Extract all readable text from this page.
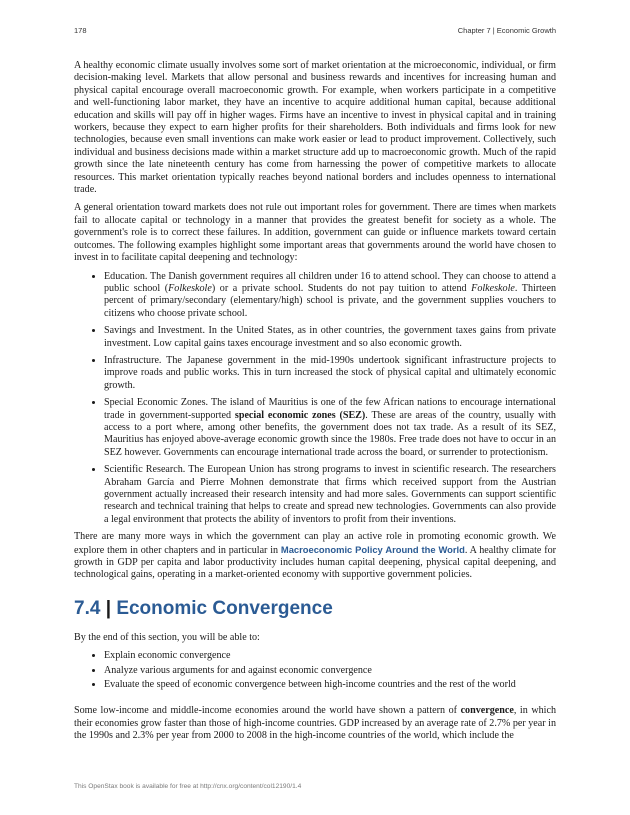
178	Chapter 7 | Economic Growth

A healthy economic climate usually involves some sort of market orientation at the microeconomic, individual, or firm decision-making level. Markets that allow personal and business rewards and incentives for increasing human and physical capital encourage overall macroeconomic growth. For example, when workers participate in a competitive and well-functioning labor market, they have an incentive to acquire additional human capital, because additional education and skills will pay off in higher wages. Firms have an incentive to invest in physical capital and in training workers, because they expect to earn higher profits for their shareholders. Both individuals and firms look for new technologies, because even small inventions can make work easier or lead to product improvement. Collectively, such individual and business decisions made within a market structure add up to macroeconomic growth. Much of the rapid growth since the late nineteenth century has come from harnessing the power of competitive markets to allocate resources. This market orientation typically reaches beyond national borders and includes openness to international trade.

A general orientation toward markets does not rule out important roles for government. There are times when markets fail to allocate capital or technology in a manner that provides the greatest benefit for society as a whole. The government's role is to correct these failures. In addition, government can guide or influence markets toward certain outcomes. The following examples highlight some important areas that governments around the world have chosen to invest in to facilitate capital deepening and technology:

• Education. The Danish government requires all children under 16 to attend school. They can choose to attend a public school (Folkeskole) or a private school. Students do not pay tuition to attend Folkeskole. Thirteen percent of primary/secondary (elementary/high) school is private, and the government supplies vouchers to citizens who choose private school.
• Savings and Investment. In the United States, as in other countries, the government taxes gains from private investment. Low capital gains taxes encourage investment and so also economic growth.
• Infrastructure. The Japanese government in the mid-1990s undertook significant infrastructure projects to improve roads and public works. This in turn increased the stock of physical capital and ultimately economic growth.
• Special Economic Zones. The island of Mauritius is one of the few African nations to encourage international trade in government-supported special economic zones (SEZ). These are areas of the country, usually with access to a port where, among other benefits, the government does not tax trade. As a result of its SEZ, Mauritius has enjoyed above-average economic growth since the 1980s. Free trade does not have to occur in an SEZ however. Governments can encourage international trade across the board, or surrender to protectionism.
• Scientific Research. The European Union has strong programs to invest in scientific research. The researchers Abraham García and Pierre Mohnen demonstrate that firms which received support from the Austrian government actually increased their research intensity and had more sales. Governments can support scientific research and technical training that helps to create and spread new technologies. Governments can also provide a legal environment that protects the ability of inventors to profit from their inventions.

There are many more ways in which the government can play an active role in promoting economic growth. We explore them in other chapters and in particular in Macroeconomic Policy Around the World. A healthy climate for growth in GDP per capita and labor productivity includes human capital deepening, physical capital deepening, and technological gains, operating in a market-oriented economy with supportive government policies.

7.4 | Economic Convergence

By the end of this section, you will be able to:

• Explain economic convergence
• Analyze various arguments for and against economic convergence
• Evaluate the speed of economic convergence between high-income countries and the rest of the world

Some low-income and middle-income economies around the world have shown a pattern of convergence, in which their economies grow faster than those of high-income countries. GDP increased by an average rate of 2.7% per year in the 1990s and 2.3% per year from 2000 to 2008 in the high-income countries of the world, which include the

This OpenStax book is available for free at http://cnx.org/content/col12190/1.4
